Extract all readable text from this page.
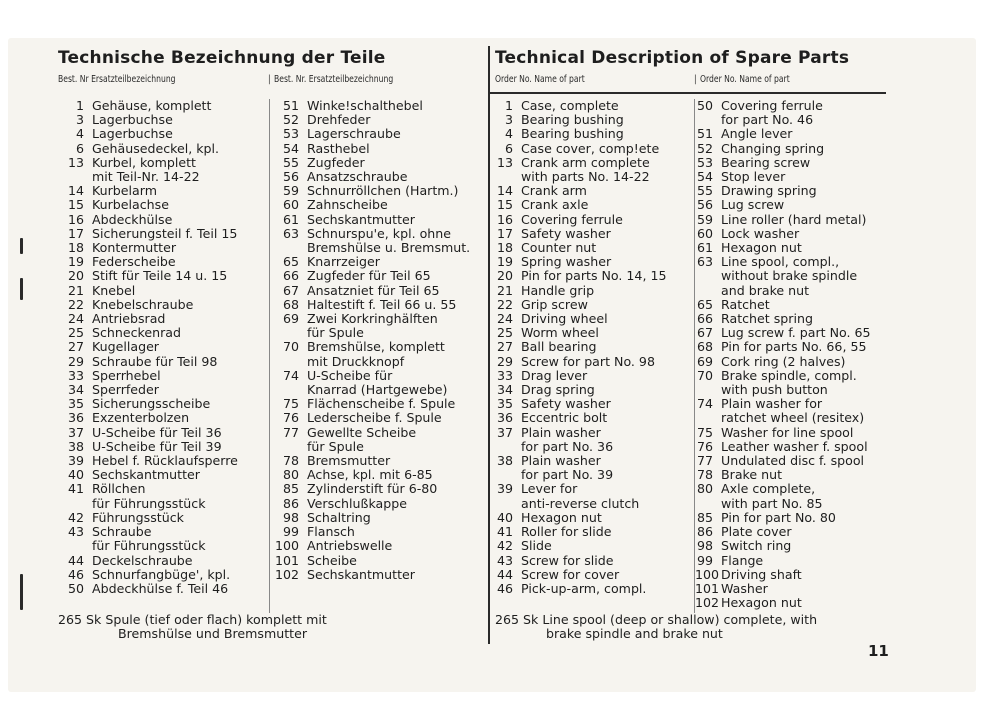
Technische Bezeichnung der Teile
Best. Nr Ersatzteilbezeichnung	| Best. Nr. Ersatzteilbezeichnung
1 Gehäuse, komplett
3 Lagerbuchse
4 Lagerbuchse
6 Gehäusedeckel, kpl.
13 Kurbel, komplett
mit Teil-Nr. 14-22
14 Kurbelarm
15 Kurbelachse
16 Abdeckhülse
17 Sicherungsteil f. Teil 15
18 Kontermutter
19 Federscheibe
20 Stift für Teile 14 u. 15
21 Knebel
22 Knebelschraube
24 Antriebsrad
25 Schneckenrad
27 Kugellager
29 Schraube für Teil 98
33 Sperrhebel
34 Sperrfeder
35 Sicherungsscheibe
36 Exzenterbolzen
37 U-Scheibe für Teil 36
38 U-Scheibe für Teil 39
39 Hebel f. Rücklaufsperre
40 Sechskantmutter
41 Röllchen
für Führungsstück
42 Führungsstück
43 Schraube
für Führungsstück
44 Deckelschraube
46 Schnurfangbüge', kpl.
50 Abdeckhülse f. Teil 46
51 Winke!schalthebel
52 Drehfeder
53 Lagerschraube
54 Rasthebel
55 Zugfeder
56 Ansatzschraube
59 Schnurröllchen (Hartm.)
60 Zahnscheibe
61 Sechskantmutter
63 Schnurspu'e, kpl. ohne
Bremshülse u. Bremsmut.
65 Knarrzeiger
66 Zugfeder für Teil 65
67 Ansatzniet für Teil 65
68 Haltestift f. Teil 66 u. 55
69 Zwei Korkringhälften
für Spule
70 Bremshülse, komplett
mit Druckknopf
74 U-Scheibe für
Knarrad (Hartgewebe)
75 Flächenscheibe f. Spule
76 Lederscheibe f. Spule
77 Gewellte Scheibe
für Spule
78 Bremsmutter
80 Achse, kpl. mit 6-85
85 Zylinderstift für 6-80
86 Verschlußkappe
98 Schaltring
99 Flansch
100 Antriebswelle
101 Scheibe
102 Sechskantmutter
265 Sk Spule (tief oder flach) komplett mit
Bremshülse und Bremsmutter
Technical Description of Spare Parts
Order No. Name of part	| Order No. Name of part
1 Case, complete
3 Bearing bushing
4 Bearing bushing
6 Case cover, comp!ete
13 Crank arm complete
with parts No. 14-22
14 Crank arm
15 Crank axle
16 Covering ferrule
17 Safety washer
18 Counter nut
19 Spring washer
20 Pin for parts No. 14, 15
21 Handle grip
22 Grip screw
24 Driving wheel
25 Worm wheel
27 Ball bearing
29 Screw for part No. 98
33 Drag lever
34 Drag spring
35 Safety washer
36 Eccentric bolt
37 Plain washer
for part No. 36
38 Plain washer
for part No. 39
39 Lever for
anti-reverse clutch
40 Hexagon nut
41 Roller for slide
42 Slide
43 Screw for slide
44 Screw for cover
46 Pick-up-arm, compl.
50 Covering ferrule
for part No. 46
51 Angle lever
52 Changing spring
53 Bearing screw
54 Stop lever
55 Drawing spring
56 Lug screw
59 Line roller (hard metal)
60 Lock washer
61 Hexagon nut
63 Line spool, compl.,
without brake spindle
and brake nut
65 Ratchet
66 Ratchet spring
67 Lug screw f. part No. 65
68 Pin for parts No. 66, 55
69 Cork ring (2 halves)
70 Brake spindle, compl.
with push button
74 Plain washer for
ratchet wheel (resitex)
75 Washer for line spool
76 Leather washer f. spool
77 Undulated disc f. spool
78 Brake nut
80 Axle complete,
with part No. 85
85 Pin for part No. 80
86 Plate cover
98 Switch ring
99 Flange
100 Driving shaft
101 Washer
102 Hexagon nut
265 Sk Line spool (deep or shallow) complete, with
brake spindle and brake nut
11
